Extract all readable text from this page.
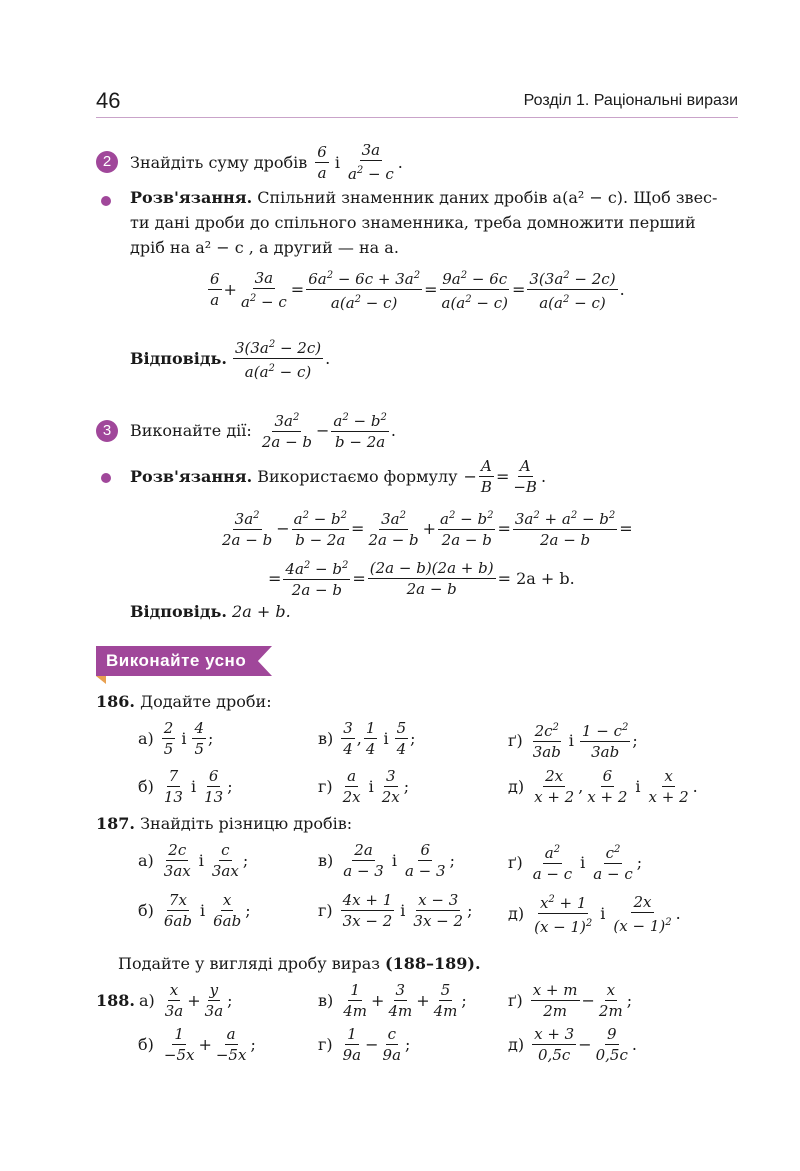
46	Розділ 1. Раціональні вирази
2	Знайдіть суму дробів $\frac{6}{a}$ і $\frac{3a}{a^2 - c}$ .
Розв'язання. Спільний знаменник даних дробів a(a² − c). Щоб звес-
ти дані дроби до спільного знаменника, треба домножити перший
дріб на a² − c , а другий — на a.
$\frac{6}{a} + \frac{3a}{a^2 - c} = \frac{6a^2 - 6c + 3a^2}{a(a^2 - c)} = \frac{9a^2 - 6c}{a(a^2 - c)} = \frac{3(3a^2 - 2c)}{a(a^2 - c)}$ .
Відповідь. $\frac{3(3a^2 - 2c)}{a(a^2 - c)}$ .
3	Виконайте дії: $\frac{3a^2}{2a - b} - \frac{a^2 - b^2}{b - 2a}$ .
Розв'язання.
Використаємо формулу − $\frac{A}{B} = \frac{A}{-B}$ .
$\frac{3a^2}{2a - b} - \frac{a^2 - b^2}{b - 2a} = \frac{3a^2}{2a - b} + \frac{a^2 - b^2}{2a - b} = \frac{3a^2 + a^2 - b^2}{2a - b}$ =
= $\frac{4a^2 - b^2}{2a - b} = \frac{(2a - b)(2a + b)}{2a - b} = 2a + b$.
Відповідь. 2a + b.
Виконайте усно
186. Додайте дроби:
$а) \frac{2}{5}$ і $\frac{4}{5}$ ;	$в) \frac{3}{4}$ , $\frac{1}{4}$ і $\frac{5}{4}$ ;	$ґ) \frac{2c^2}{3ab}$ і $\frac{1 - c^2}{3ab}$ ;
$б) \frac{7}{13}$ і $\frac{6}{13}$ ;	$г) \frac{a}{2x}$ і $\frac{3}{2x}$ ;	$д) \frac{2x}{x + 2}$ , $\frac{6}{x + 2}$ і $\frac{x}{x + 2}$ .
187. Знайдіть різницю дробів:
$а) \frac{2c}{3ax}$ і $\frac{c}{3ax}$ ;	$в) \frac{2a}{a - 3}$ і $\frac{6}{a - 3}$ ;	$ґ) \frac{a^2}{a - c}$ і $\frac{c^2}{a - c}$ ;
$б) \frac{7x}{6ab}$ і $\frac{x}{6ab}$ ;	$г) \frac{4x + 1}{3x - 2}$ і $\frac{x - 3}{3x - 2}$ ; $д) \frac{x^2 + 1}{(x - 1)^2}$ і $\frac{2x}{(x - 1)^2}$ .
Подайте у вигляді дробу вираз (188–189).
188. $а) \frac{x}{3a} + \frac{y}{3a}$ ;	$в) \frac{1}{4m} + \frac{3}{4m} + \frac{5}{4m}$ ;	$ґ) \frac{x + m}{2m} - \frac{x}{2m}$ ;
$б) \frac{1}{-5x} + \frac{a}{-5x}$ ;	$г) \frac{1}{9a} - \frac{c}{9a}$ ;	$д) \frac{x + 3}{0,5c} - \frac{9}{0,5c}$ .
